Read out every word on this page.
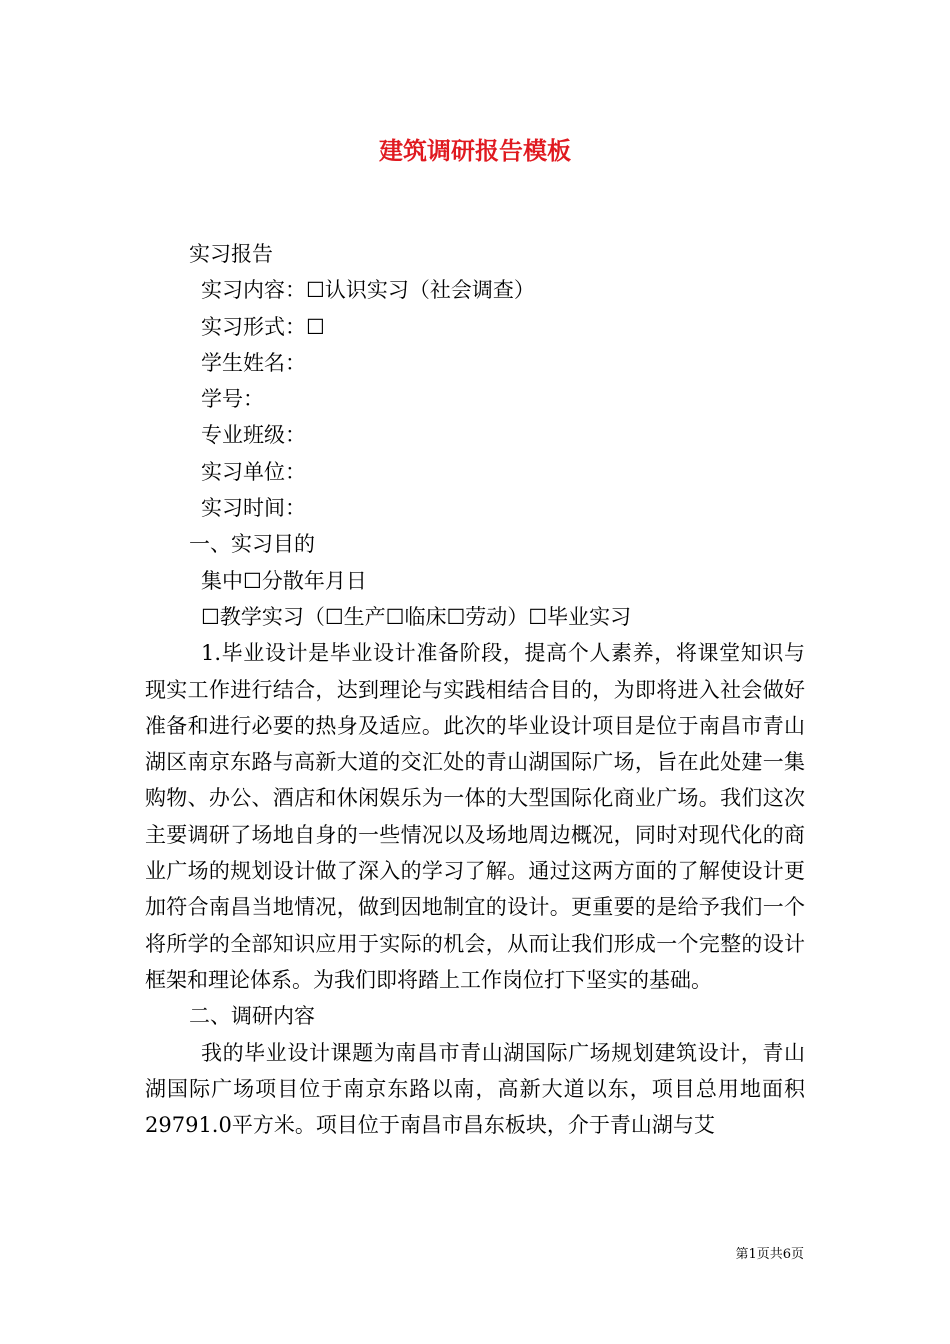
建筑调研报告模板
实习报告
实习内容：☐认识实习（社会调查）
实习形式：☐
学生姓名：
学号：
专业班级：
实习单位：
实习时间：
一、实习目的
集中☐分散年月日
☐教学实习（☐生产☐临床☐劳动）☐毕业实习

1.毕业设计是毕业设计准备阶段，提高个人素养，将课堂知识与现实工作进行结合，达到理论与实践相结合目的，为即将进入社会做好准备和进行必要的热身及适应。此次的毕业设计项目是位于南昌市青山湖区南京东路与高新大道的交汇处的青山湖国际广场，旨在此处建一集购物、办公、酒店和休闲娱乐为一体的大型国际化商业广场。我们这次主要调研了场地自身的一些情况以及场地周边概况，同时对现代化的商业广场的规划设计做了深入的学习了解。通过这两方面的了解使设计更加符合南昌当地情况，做到因地制宜的设计。更重要的是给予我们一个将所学的全部知识应用于实际的机会，从而让我们形成一个完整的设计框架和理论体系。为我们即将踏上工作岗位打下坚实的基础。

二、调研内容

我的毕业设计课题为南昌市青山湖国际广场规划建筑设计，青山湖国际广场项目位于南京东路以南，高新大道以东，项目总用地面积29791.0平方米。项目位于南昌市昌东板块，介于青山湖与艾

第1页共6页
